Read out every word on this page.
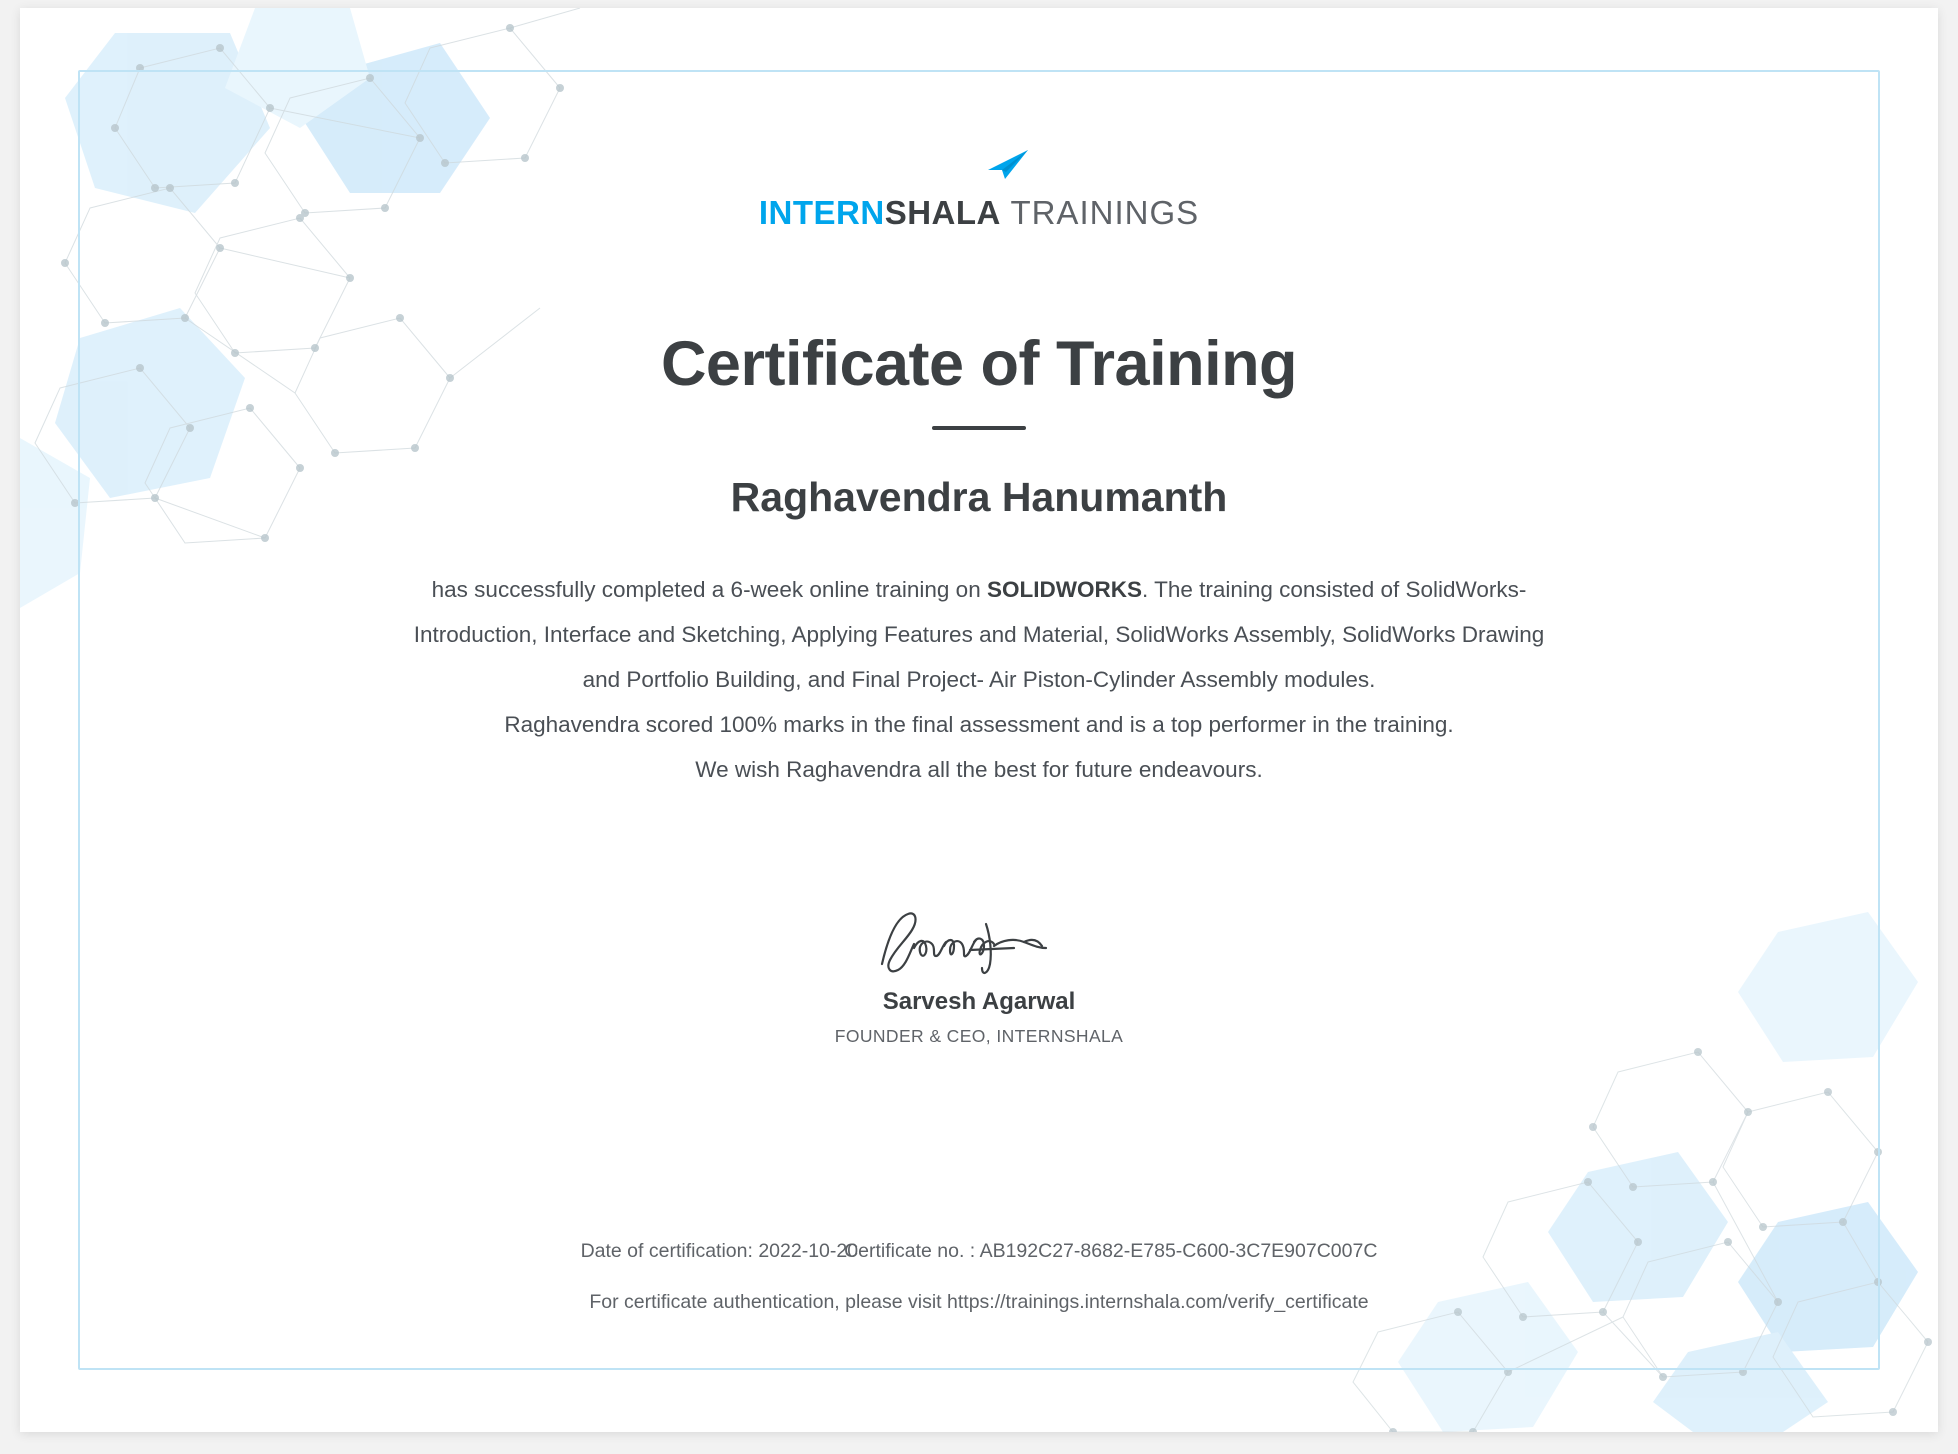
INTERNSHALA TRAININGS
Certificate of Training
Raghavendra Hanumanth
has successfully completed a 6-week online training on SOLIDWORKS. The training consisted of SolidWorks-
Introduction, Interface and Sketching, Applying Features and Material, SolidWorks Assembly, SolidWorks Drawing
and Portfolio Building, and Final Project- Air Piston-Cylinder Assembly modules.
Raghavendra scored 100% marks in the final assessment and is a top performer in the training.
We wish Raghavendra all the best for future endeavours.
Sarvesh Agarwal
FOUNDER & CEO, INTERNSHALA
Date of certification: 2022-10-20Certificate no. : AB192C27-8682-E785-C600-3C7E907C007C
For certificate authentication, please visit https://trainings.internshala.com/verify_certificate
